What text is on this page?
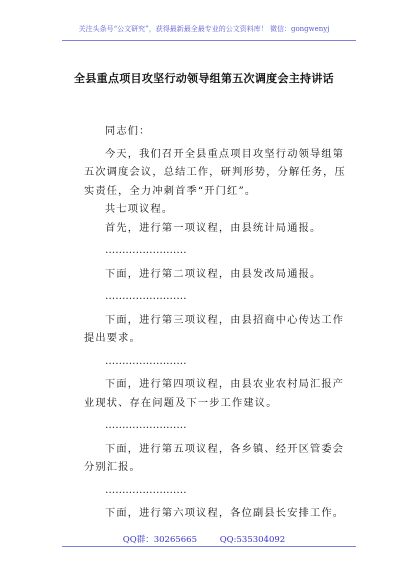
关注头条号“公文研究”，获得最新最全最专业的公文资料库！ 微信：gongwenyj
全县重点项目攻坚行动领导组第五次调度会主持讲话

同志们：

今天，我们召开全县重点项目攻坚行动领导组第五次调度会议，总结工作，研判形势，分解任务，压实责任，全力冲刺首季“开门红”。

共七项议程。

首先，进行第一项议程，由县统计局通报。

……………………

下面，进行第二项议程，由县发改局通报。

……………………

下面，进行第三项议程，由县招商中心传达工作提出要求。

……………………

下面，进行第四项议程，由县农业农村局汇报产业现状、存在问题及下一步工作建议。

……………………

下面，进行第五项议程，各乡镇、经开区管委会分别汇报。

……………………

下面，进行第六项议程，各位副县长安排工作。

QQ群：30265665	QQ:535304092
